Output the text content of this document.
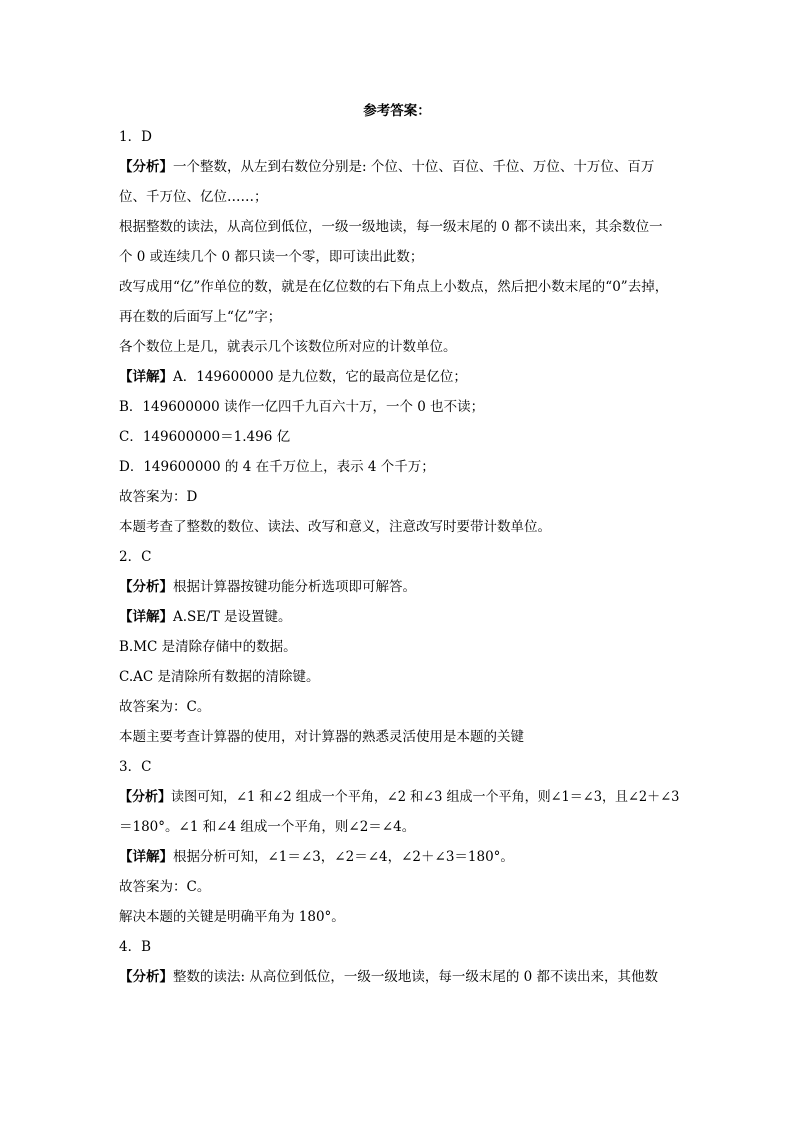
参考答案：
1．D
【分析】一个整数，从左到右数位分别是: 个位、十位、百位、千位、万位、十万位、百万
位、千万位、亿位……；
根据整数的读法，从高位到低位，一级一级地读，每一级末尾的 0 都不读出来，其余数位一
个 0 或连续几个 0 都只读一个零，即可读出此数；
改写成用“亿”作单位的数，就是在亿位数的右下角点上小数点，然后把小数末尾的“0”去掉，
再在数的后面写上“亿”字；
各个数位上是几，就表示几个该数位所对应的计数单位。
【详解】A．149600000 是九位数，它的最高位是亿位；
B．149600000 读作一亿四千九百六十万，一个 0 也不读；
C．149600000＝1.496 亿
D．149600000 的 4 在千万位上，表示 4 个千万；
故答案为：D
本题考查了整数的数位、读法、改写和意义，注意改写时要带计数单位。
2．C
【分析】根据计算器按键功能分析选项即可解答。
【详解】A.SE/T 是设置键。
B.MC 是清除存储中的数据。
C.AC 是清除所有数据的清除键。
故答案为：C。
本题主要考查计算器的使用，对计算器的熟悉灵活使用是本题的关键
3．C
【分析】读图可知，∠1 和∠2 组成一个平角，∠2 和∠3 组成一个平角，则∠1＝∠3，且∠2＋∠3
＝180°。∠1 和∠4 组成一个平角，则∠2＝∠4。
【详解】根据分析可知，∠1＝∠3，∠2＝∠4，∠2＋∠3＝180°。
故答案为：C。
解决本题的关键是明确平角为 180°。
4．B
【分析】整数的读法: 从高位到低位，一级一级地读，每一级末尾的 0 都不读出来，其他数
